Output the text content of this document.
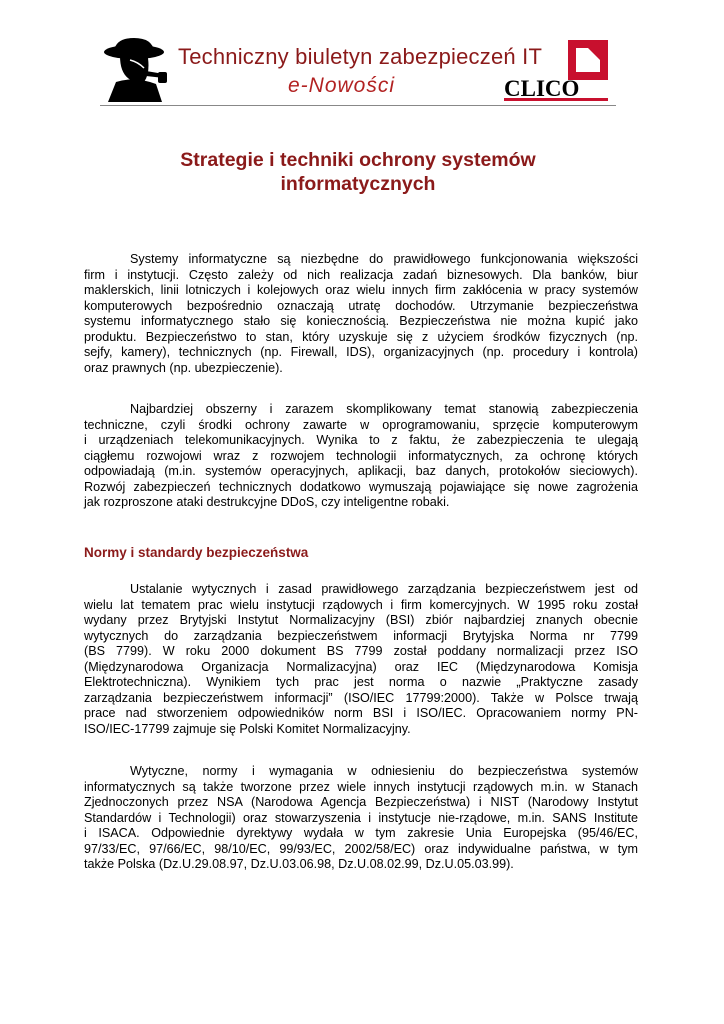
Techniczny biuletyn zabezpieczeń IT
e-Nowości	CLICO
Strategie i techniki ochrony systemów
informatycznych
Systemy informatyczne są niezbędne do prawidłowego funkcjonowania większości
firm i instytucji. Często zależy od nich realizacja zadań biznesowych. Dla banków, biur
maklerskich, linii lotniczych i kolejowych oraz wielu innych firm zakłócenia w pracy systemów
komputerowych bezpośrednio oznaczają utratę dochodów. Utrzymanie bezpieczeństwa
systemu informatycznego stało się koniecznością. Bezpieczeństwa nie można kupić jako
produktu. Bezpieczeństwo to stan, który uzyskuje się z użyciem środków fizycznych (np.
sejfy, kamery), technicznych (np. Firewall, IDS), organizacyjnych (np. procedury i kontrola)
oraz prawnych (np. ubezpieczenie).
Najbardziej obszerny i zarazem skomplikowany temat stanowią zabezpieczenia
techniczne, czyli środki ochrony zawarte w oprogramowaniu, sprzęcie komputerowym
i urządzeniach telekomunikacyjnych. Wynika to z faktu, że zabezpieczenia te ulegają
ciągłemu rozwojowi wraz z rozwojem technologii informatycznych, za ochronę których
odpowiadają (m.in. systemów operacyjnych, aplikacji, baz danych, protokołów sieciowych).
Rozwój zabezpieczeń technicznych dodatkowo wymuszają pojawiające się nowe zagrożenia
jak rozproszone ataki destrukcyjne DDoS, czy inteligentne robaki.
Normy i standardy bezpieczeństwa
Ustalanie wytycznych i zasad prawidłowego zarządzania bezpieczeństwem jest od
wielu lat tematem prac wielu instytucji rządowych i firm komercyjnych. W 1995 roku został
wydany przez Brytyjski Instytut Normalizacyjny (BSI) zbiór najbardziej znanych obecnie
wytycznych do zarządzania bezpieczeństwem informacji Brytyjska Norma nr 7799
(BS 7799). W roku 2000 dokument BS 7799 został poddany normalizacji przez ISO
(Międzynarodowa Organizacja Normalizacyjna) oraz IEC (Międzynarodowa Komisja
Elektrotechniczna). Wynikiem tych prac jest norma o nazwie „Praktyczne zasady
zarządzania bezpieczeństwem informacji” (ISO/IEC 17799:2000). Także w Polsce trwają
prace nad stworzeniem odpowiedników norm BSI i ISO/IEC. Opracowaniem normy PN-
ISO/IEC-17799 zajmuje się Polski Komitet Normalizacyjny.
Wytyczne, normy i wymagania w odniesieniu do bezpieczeństwa systemów
informatycznych są także tworzone przez wiele innych instytucji rządowych m.in. w Stanach
Zjednoczonych przez NSA (Narodowa Agencja Bezpieczeństwa) i NIST (Narodowy Instytut
Standardów i Technologii) oraz stowarzyszenia i instytucje nie-rządowe, m.in. SANS Institute
i ISACA. Odpowiednie dyrektywy wydała w tym zakresie Unia Europejska (95/46/EC,
97/33/EC, 97/66/EC, 98/10/EC, 99/93/EC, 2002/58/EC) oraz indywidualne państwa, w tym
także Polska (Dz.U.29.08.97, Dz.U.03.06.98, Dz.U.08.02.99, Dz.U.05.03.99).
